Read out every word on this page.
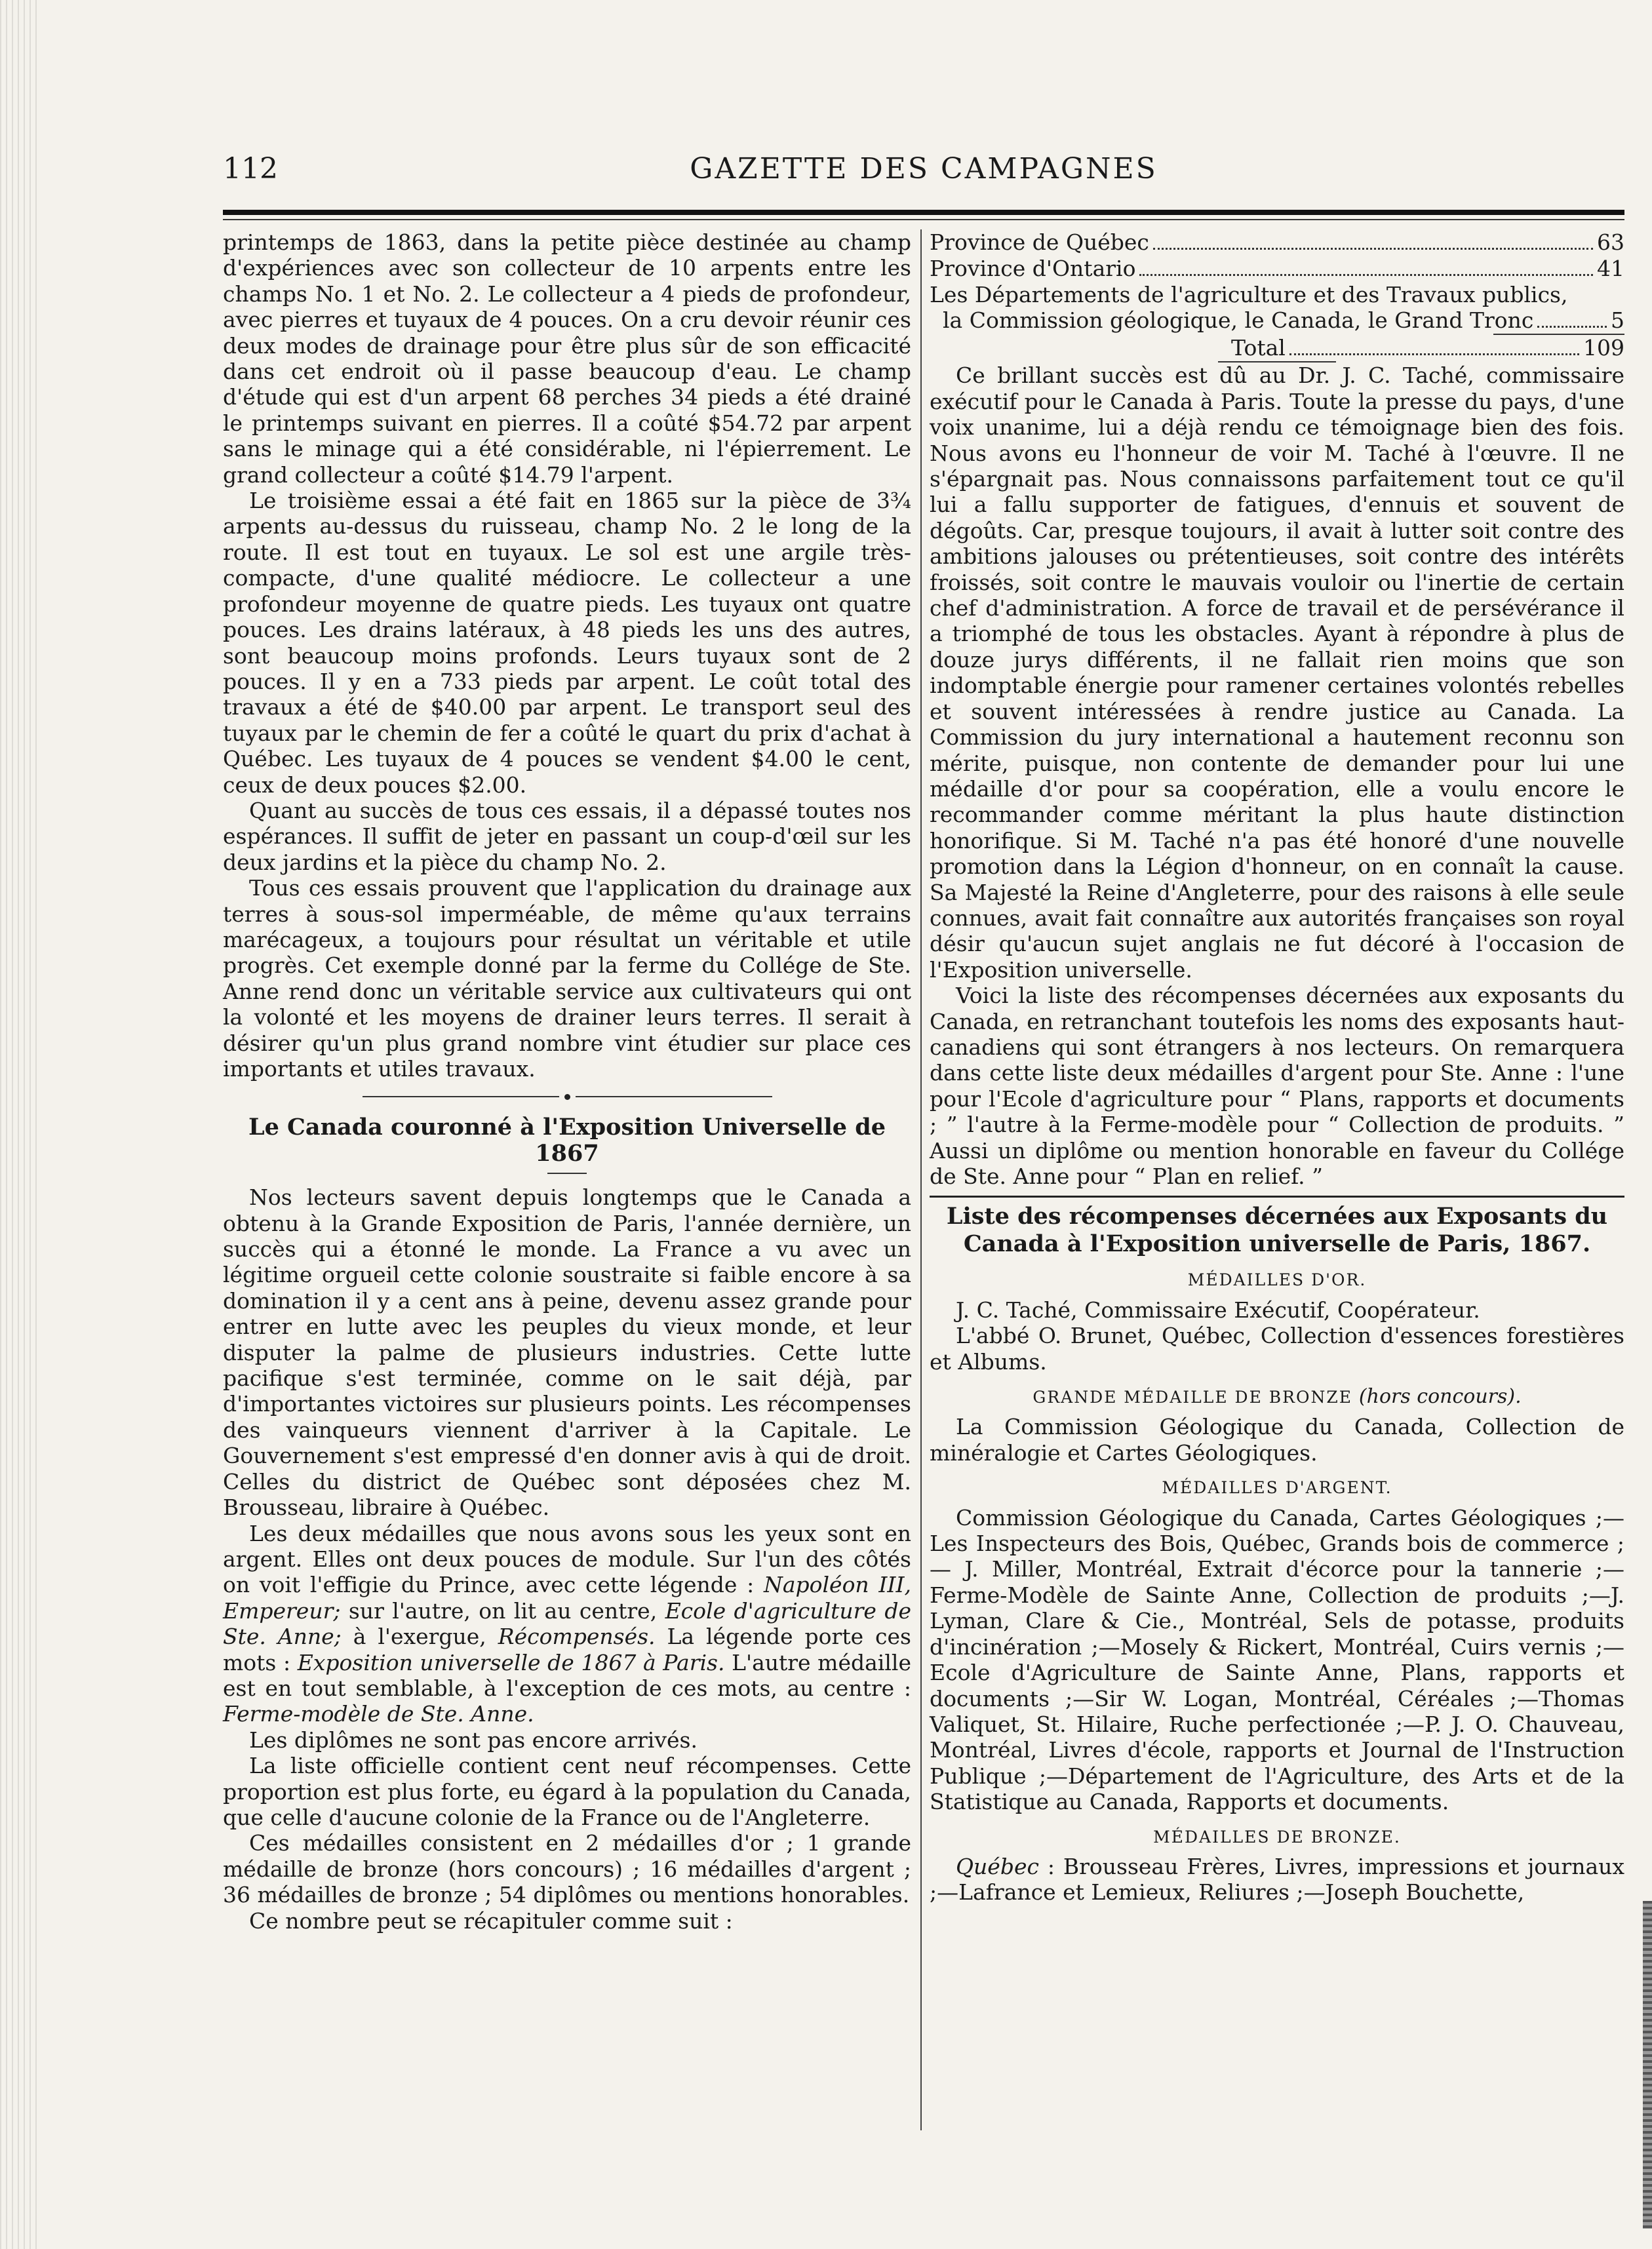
112	GAZETTE DES CAMPAGNES

printemps de 1863, dans la petite pièce destinée au champ d'expériences avec son collecteur de 10 arpents entre les champs No. 1 et No. 2. Le collecteur a 4 pieds de profondeur, avec pierres et tuyaux de 4 pouces. On a cru devoir réunir ces deux modes de drainage pour être plus sûr de son efficacité dans cet endroit où il passe beaucoup d'eau. Le champ d'étude qui est d'un arpent 68 perches 34 pieds a été drainé le printemps suivant en pierres. Il a coûté $54.72 par arpent sans le minage qui a été considérable, ni l'épierrement. Le grand collecteur a coûté $14.79 l'arpent.

Le troisième essai a été fait en 1865 sur la pièce de 3¾ arpents au-dessus du ruisseau, champ No. 2 le long de la route. Il est tout en tuyaux. Le sol est une argile très-compacte, d'une qualité médiocre. Le collecteur a une profondeur moyenne de quatre pieds. Les tuyaux ont quatre pouces. Les drains latéraux, à 48 pieds les uns des autres, sont beaucoup moins profonds. Leurs tuyaux sont de 2 pouces. Il y en a 733 pieds par arpent. Le coût total des travaux a été de $40.00 par arpent. Le transport seul des tuyaux par le chemin de fer a coûté le quart du prix d'achat à Québec. Les tuyaux de 4 pouces se vendent $4.00 le cent, ceux de deux pouces $2.00.

Quant au succès de tous ces essais, il a dépassé toutes nos espérances. Il suffit de jeter en passant un coup-d'œil sur les deux jardins et la pièce du champ No. 2.

Tous ces essais prouvent que l'application du drainage aux terres à sous-sol imperméable, de même qu'aux terrains marécageux, a toujours pour résultat un véritable et utile progrès. Cet exemple donné par la ferme du Collége de Ste. Anne rend donc un véritable service aux cultivateurs qui ont la volonté et les moyens de drainer leurs terres. Il serait à désirer qu'un plus grand nombre vint étudier sur place ces importants et utiles travaux.

Le Canada couronné à l'Exposition Universelle de 1867

Nos lecteurs savent depuis longtemps que le Canada a obtenu à la Grande Exposition de Paris, l'année dernière, un succès qui a étonné le monde. La France a vu avec un légitime orgueil cette colonie soustraite si faible encore à sa domination il y a cent ans à peine, devenu assez grande pour entrer en lutte avec les peuples du vieux monde, et leur disputer la palme de plusieurs industries. Cette lutte pacifique s'est terminée, comme on le sait déjà, par d'importantes victoires sur plusieurs points. Les récompenses des vainqueurs viennent d'arriver à la Capitale. Le Gouvernement s'est empressé d'en donner avis à qui de droit. Celles du district de Québec sont déposées chez M. Brousseau, libraire à Québec.

Les deux médailles que nous avons sous les yeux sont en argent. Elles ont deux pouces de module. Sur l'un des côtés on voit l'effigie du Prince, avec cette légende : Napoléon III, Empereur; sur l'autre, on lit au centre, Ecole d'agriculture de Ste. Anne; à l'exergue, Récompensés. La légende porte ces mots : Exposition universelle de 1867 à Paris. L'autre médaille est en tout semblable, à l'exception de ces mots, au centre : Ferme-modèle de Ste. Anne.

Les diplômes ne sont pas encore arrivés.

La liste officielle contient cent neuf récompenses. Cette proportion est plus forte, eu égard à la population du Canada, que celle d'aucune colonie de la France ou de l'Angleterre.

Ces médailles consistent en 2 médailles d'or ; 1 grande médaille de bronze (hors concours) ; 16 médailles d'argent ; 36 médailles de bronze ; 54 diplômes ou mentions honorables.

Ce nombre peut se récapituler comme suit :

Province de Québec	63
Province d'Ontario	41

Les Départements de l'agriculture et des Travaux publics,

la Commission géologique, le Canada, le Grand Tronc	5
Total	109

Ce brillant succès est dû au Dr. J. C. Taché, commissaire exécutif pour le Canada à Paris. Toute la presse du pays, d'une voix unanime, lui a déjà rendu ce témoignage bien des fois. Nous avons eu l'honneur de voir M. Taché à l'œuvre. Il ne s'épargnait pas. Nous connaissons parfaitement tout ce qu'il lui a fallu supporter de fatigues, d'ennuis et souvent de dégoûts. Car, presque toujours, il avait à lutter soit contre des ambitions jalouses ou prétentieuses, soit contre des intérêts froissés, soit contre le mauvais vouloir ou l'inertie de certain chef d'administration. A force de travail et de persévérance il a triomphé de tous les obstacles. Ayant à répondre à plus de douze jurys différents, il ne fallait rien moins que son indomptable énergie pour ramener certaines volontés rebelles et souvent intéressées à rendre justice au Canada. La Commission du jury international a hautement reconnu son mérite, puisque, non contente de demander pour lui une médaille d'or pour sa coopération, elle a voulu encore le recommander comme méritant la plus haute distinction honorifique. Si M. Taché n'a pas été honoré d'une nouvelle promotion dans la Légion d'honneur, on en connaît la cause. Sa Majesté la Reine d'Angleterre, pour des raisons à elle seule connues, avait fait connaître aux autorités françaises son royal désir qu'aucun sujet anglais ne fut décoré à l'occasion de l'Exposition universelle.

Voici la liste des récompenses décernées aux exposants du Canada, en retranchant toutefois les noms des exposants haut-canadiens qui sont étrangers à nos lecteurs. On remarquera dans cette liste deux médailles d'argent pour Ste. Anne : l'une pour l'Ecole d'agriculture pour “ Plans, rapports et documents ; ” l'autre à la Ferme-modèle pour “ Collection de produits. ” Aussi un diplôme ou mention honorable en faveur du Collége de Ste. Anne pour “ Plan en relief. ”

Liste des récompenses décernées aux Exposants du Canada à l'Exposition universelle de Paris, 1867.
MÉDAILLES D'OR.

J. C. Taché, Commissaire Exécutif, Coopérateur.

L'abbé O. Brunet, Québec, Collection d'essences forestières et Albums.

GRANDE MÉDAILLE DE BRONZE (hors concours).

La Commission Géologique du Canada, Collection de minéralogie et Cartes Géologiques.

MÉDAILLES D'ARGENT.

Commission Géologique du Canada, Cartes Géologiques ;— Les Inspecteurs des Bois, Québec, Grands bois de commerce ;— J. Miller, Montréal, Extrait d'écorce pour la tannerie ;— Ferme-Modèle de Sainte Anne, Collection de produits ;—J. Lyman, Clare & Cie., Montréal, Sels de potasse, produits d'incinération ;—Mosely & Rickert, Montréal, Cuirs vernis ;— Ecole d'Agriculture de Sainte Anne, Plans, rapports et documents ;—Sir W. Logan, Montréal, Céréales ;—Thomas Valiquet, St. Hilaire, Ruche perfectionée ;—P. J. O. Chauveau, Montréal, Livres d'école, rapports et Journal de l'Instruction Publique ;—Département de l'Agriculture, des Arts et de la Statistique au Canada, Rapports et documents.

MÉDAILLES DE BRONZE.

Québec : Brousseau Frères, Livres, impressions et journaux ;—Lafrance et Lemieux, Reliures ;—Joseph Bouchette,
